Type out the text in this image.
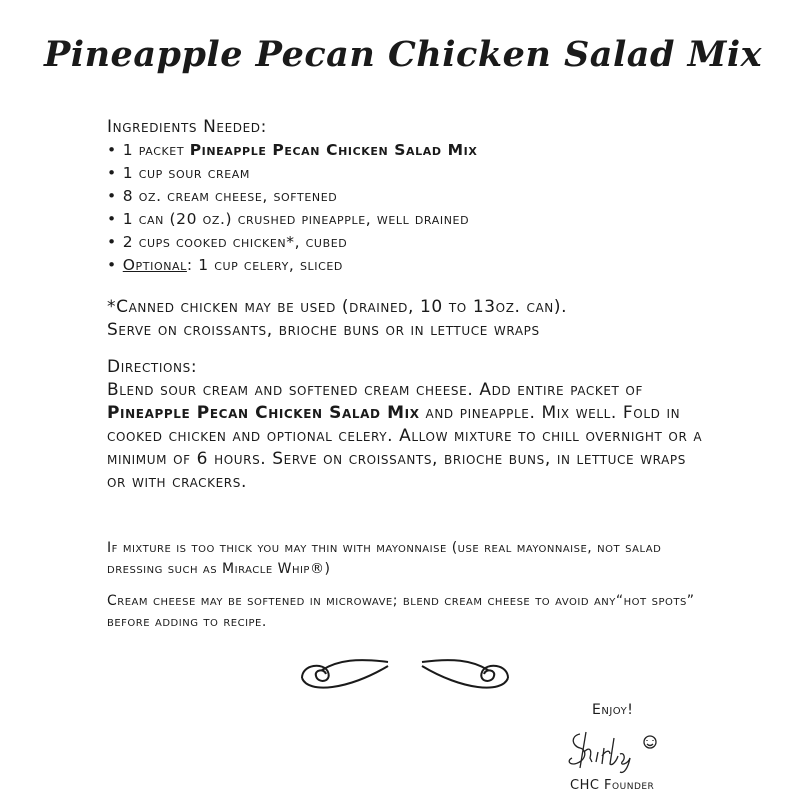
Pineapple Pecan Chicken Salad Mix
Ingredients Needed:
• 1 packet Pineapple Pecan Chicken Salad Mix
• 1 cup sour cream
• 8 oz. cream cheese, softened
• 1 can (20 oz.) crushed pineapple, well drained
• 2 cups cooked chicken*, cubed
• Optional: 1 cup celery, sliced
*Canned chicken may be used (drained, 10 to 13oz. can).
Serve on croissants, brioche buns or in lettuce wraps
Directions:

Blend sour cream and softened cream cheese. Add entire packet of Pineapple Pecan Chicken Salad Mix and pineapple. Mix well. Fold in cooked chicken and optional celery. Allow mixture to chill overnight or a minimum of 6 hours. Serve on croissants, brioche buns, in lettuce wraps or with crackers.

If mixture is too thick you may thin with mayonnaise (use real mayonnaise, not salad dressing such as Miracle Whip®)

Cream cheese may be softened in microwave; blend cream cheese to avoid any“hot spots” before adding to recipe.

Enjoy!
CHC Founder
